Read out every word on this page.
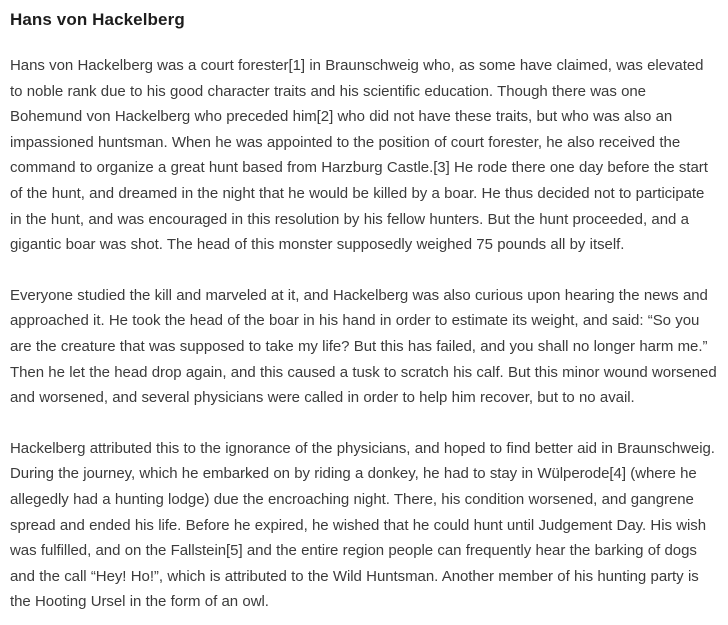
Hans von Hackelberg

Hans von Hackelberg was a court forester[1] in Braunschweig who, as some have claimed, was elevated to noble rank due to his good character traits and his scientific education. Though there was one Bohemund von Hackelberg who preceded him[2] who did not have these traits, but who was also an impassioned huntsman. When he was appointed to the position of court forester, he also received the command to organize a great hunt based from Harzburg Castle.[3] He rode there one day before the start of the hunt, and dreamed in the night that he would be killed by a boar. He thus decided not to participate in the hunt, and was encouraged in this resolution by his fellow hunters. But the hunt proceeded, and a gigantic boar was shot. The head of this monster supposedly weighed 75 pounds all by itself.

Everyone studied the kill and marveled at it, and Hackelberg was also curious upon hearing the news and approached it. He took the head of the boar in his hand in order to estimate its weight, and said: “So you are the creature that was supposed to take my life? But this has failed, and you shall no longer harm me.” Then he let the head drop again, and this caused a tusk to scratch his calf. But this minor wound worsened and worsened, and several physicians were called in order to help him recover, but to no avail.

Hackelberg attributed this to the ignorance of the physicians, and hoped to find better aid in Braunschweig. During the journey, which he embarked on by riding a donkey, he had to stay in Wülperode[4] (where he allegedly had a hunting lodge) due the encroaching night. There, his condition worsened, and gangrene spread and ended his life. Before he expired, he wished that he could hunt until Judgement Day. His wish was fulfilled, and on the Fallstein[5] and the entire region people can frequently hear the barking of dogs and the call “Hey! Ho!”, which is attributed to the Wild Huntsman. Another member of his hunting party is the Hooting Ursel in the form of an owl.
